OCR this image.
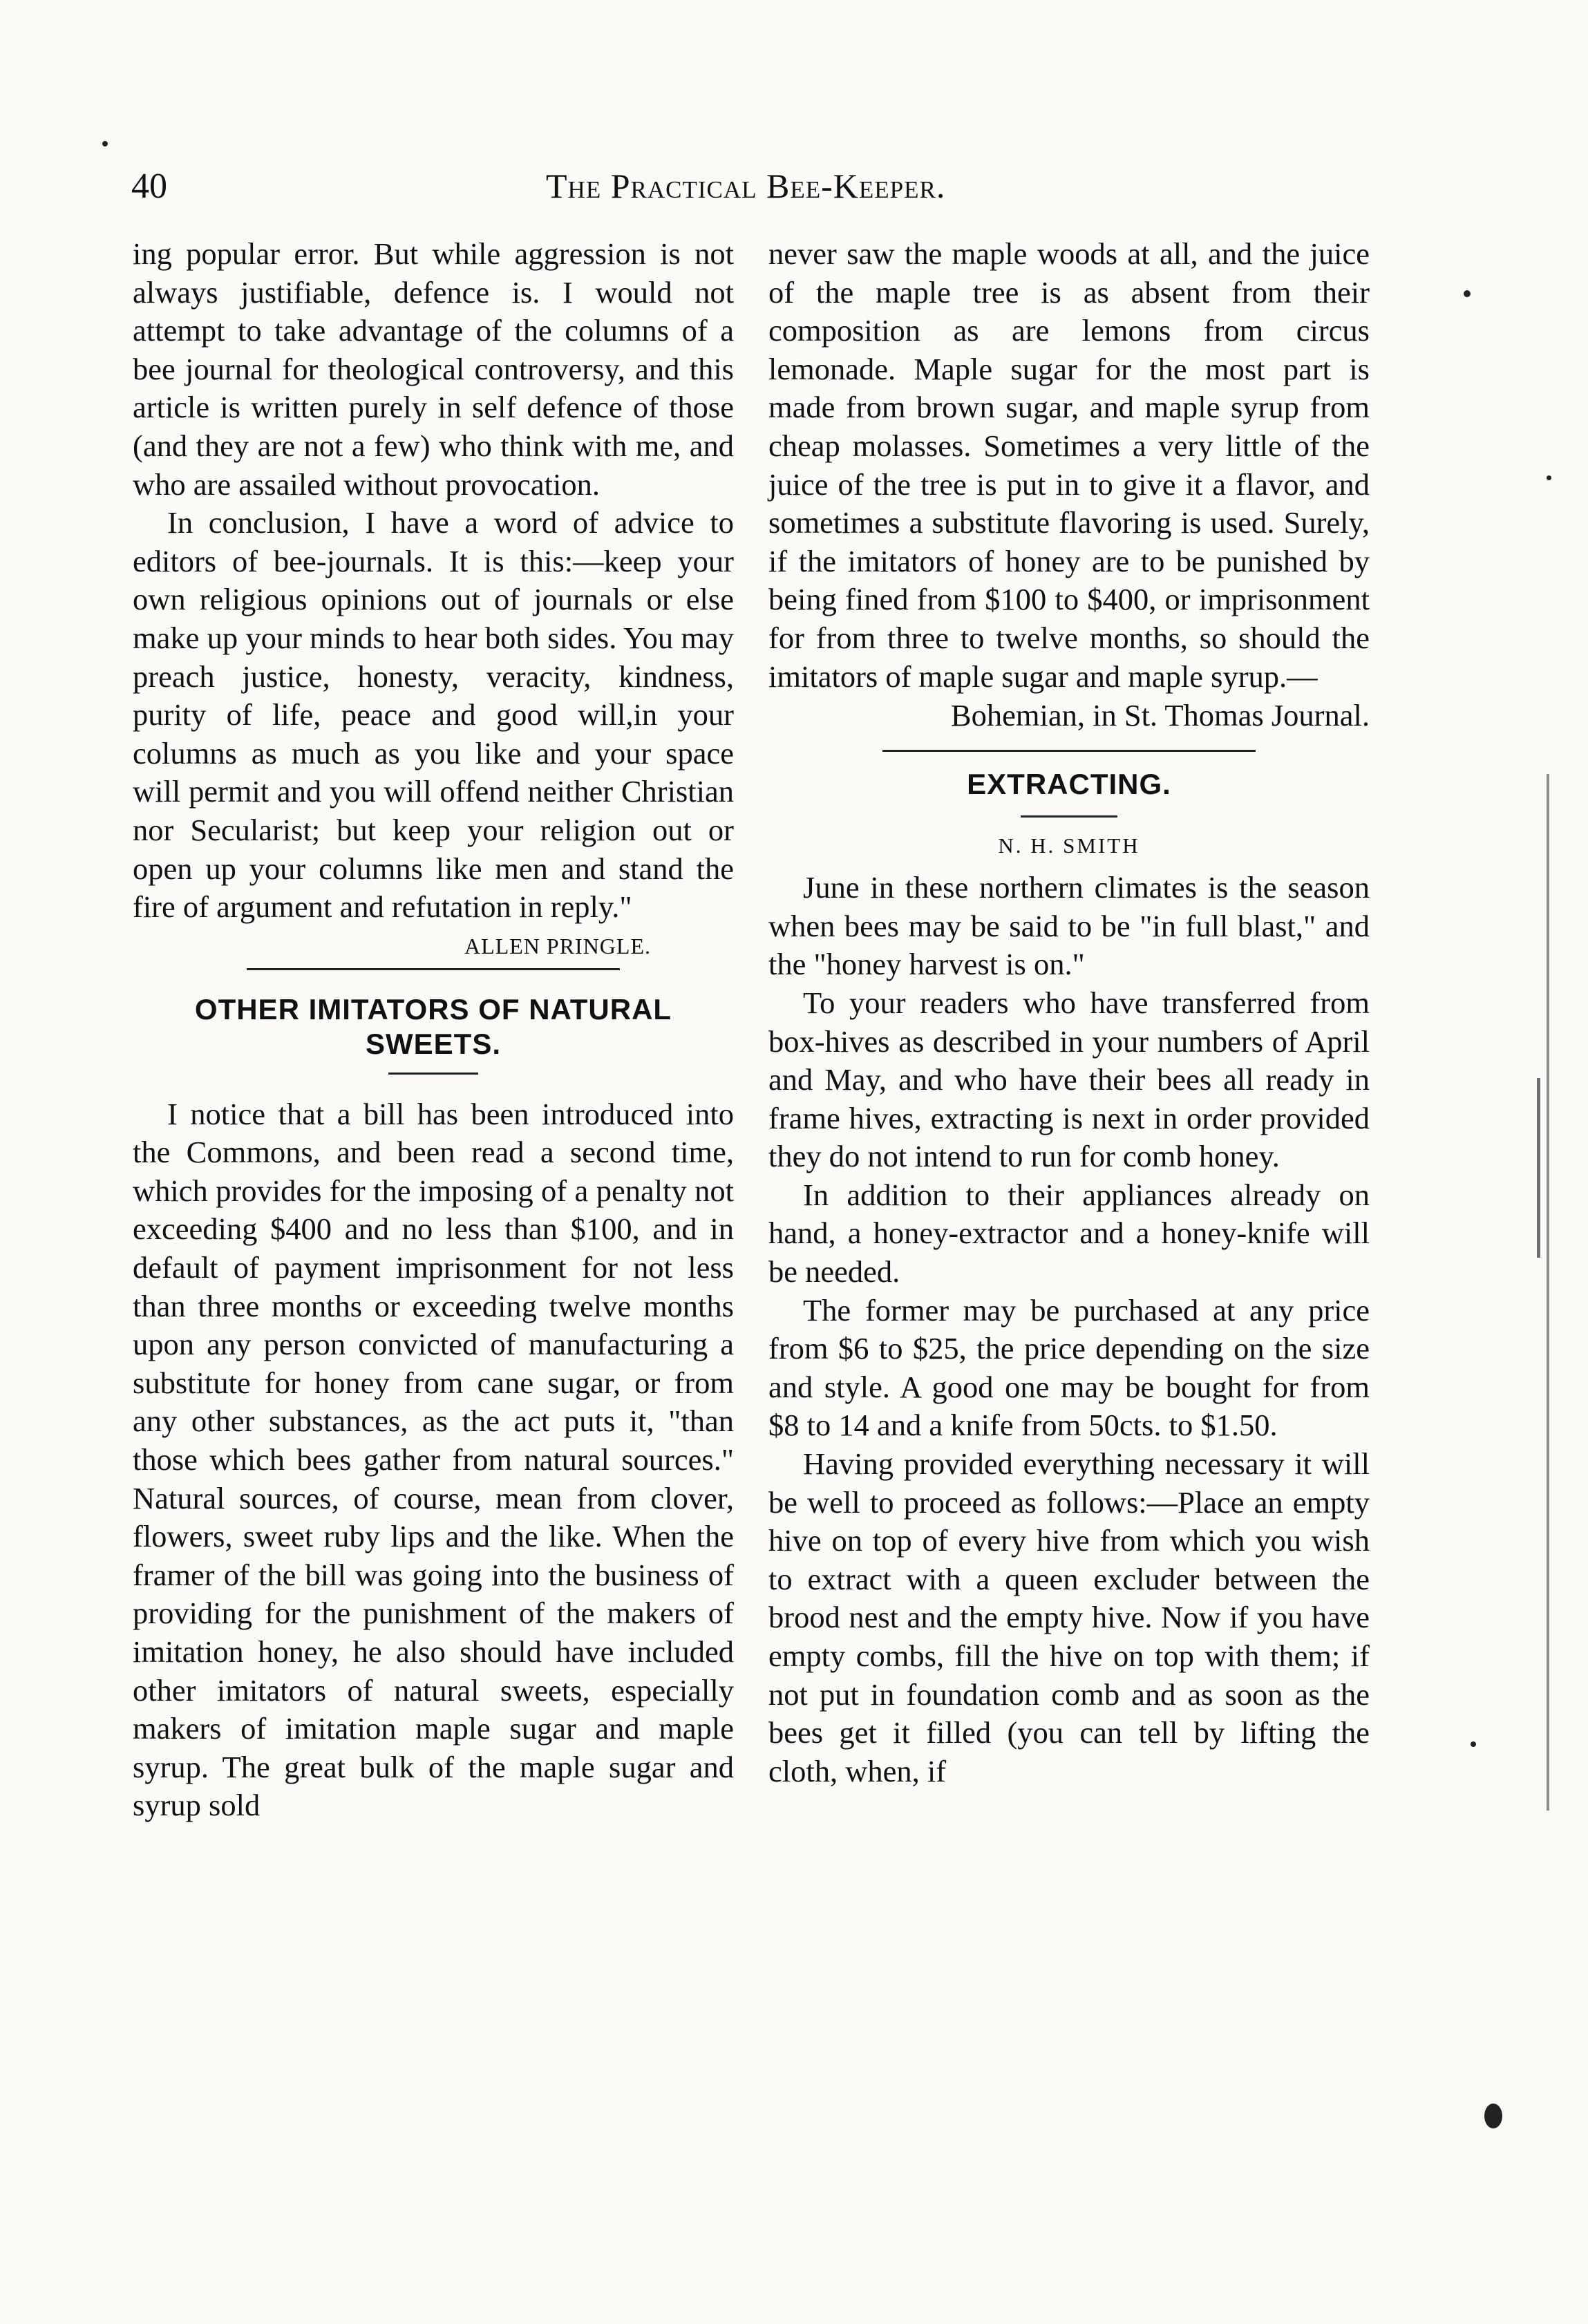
40	The Practical Bee-Keeper.

ing popular error. But while aggression is not always justifiable, defence is. I would not attempt to take advantage of the columns of a bee journal for theological controversy, and this article is written purely in self defence of those (and they are not a few) who think with me, and who are assailed without provocation.

In conclusion, I have a word of advice to editors of bee-journals. It is this:—keep your own religious opinions out of journals or else make up your minds to hear both sides. You may preach justice, honesty, veracity, kindness, purity of life, peace and good will,in your columns as much as you like and your space will permit and you will offend neither Christian nor Secularist; but keep your religion out or open up your columns like men and stand the fire of argument and refutation in reply."

ALLEN PRINGLE.

OTHER IMITATORS OF NATURAL SWEETS.

I notice that a bill has been introduced into the Commons, and been read a second time, which provides for the imposing of a penalty not exceeding $400 and no less than $100, and in default of payment imprisonment for not less than three months or exceeding twelve months upon any person convicted of manufacturing a substitute for honey from cane sugar, or from any other substances, as the act puts it, "than those which bees gather from natural sources." Natural sources, of course, mean from clover, flowers, sweet ruby lips and the like. When the framer of the bill was going into the business of providing for the punishment of the makers of imitation honey, he also should have included other imitators of natural sweets, especially makers of imitation maple sugar and maple syrup. The great bulk of the maple sugar and syrup sold

never saw the maple woods at all, and the juice of the maple tree is as absent from their composition as are lemons from circus lemonade. Maple sugar for the most part is made from brown sugar, and maple syrup from cheap molasses. Sometimes a very little of the juice of the tree is put in to give it a flavor, and sometimes a substitute flavoring is used. Surely, if the imitators of honey are to be punished by being fined from $100 to $400, or imprisonment for from three to twelve months, so should the imitators of maple sugar and maple syrup.—

Bohemian, in St. Thomas Journal.

EXTRACTING.

N. H. SMITH

June in these northern climates is the season when bees may be said to be "in full blast," and the "honey harvest is on."

To your readers who have transferred from box-hives as described in your numbers of April and May, and who have their bees all ready in frame hives, extracting is next in order provided they do not intend to run for comb honey.

In addition to their appliances already on hand, a honey-extractor and a honey-knife will be needed.

The former may be purchased at any price from $6 to $25, the price depending on the size and style. A good one may be bought for from $8 to 14 and a knife from 50cts. to $1.50.

Having provided everything necessary it will be well to proceed as follows:—Place an empty hive on top of every hive from which you wish to extract with a queen excluder between the brood nest and the empty hive. Now if you have empty combs, fill the hive on top with them; if not put in foundation comb and as soon as the bees get it filled (you can tell by lifting the cloth, when, if
